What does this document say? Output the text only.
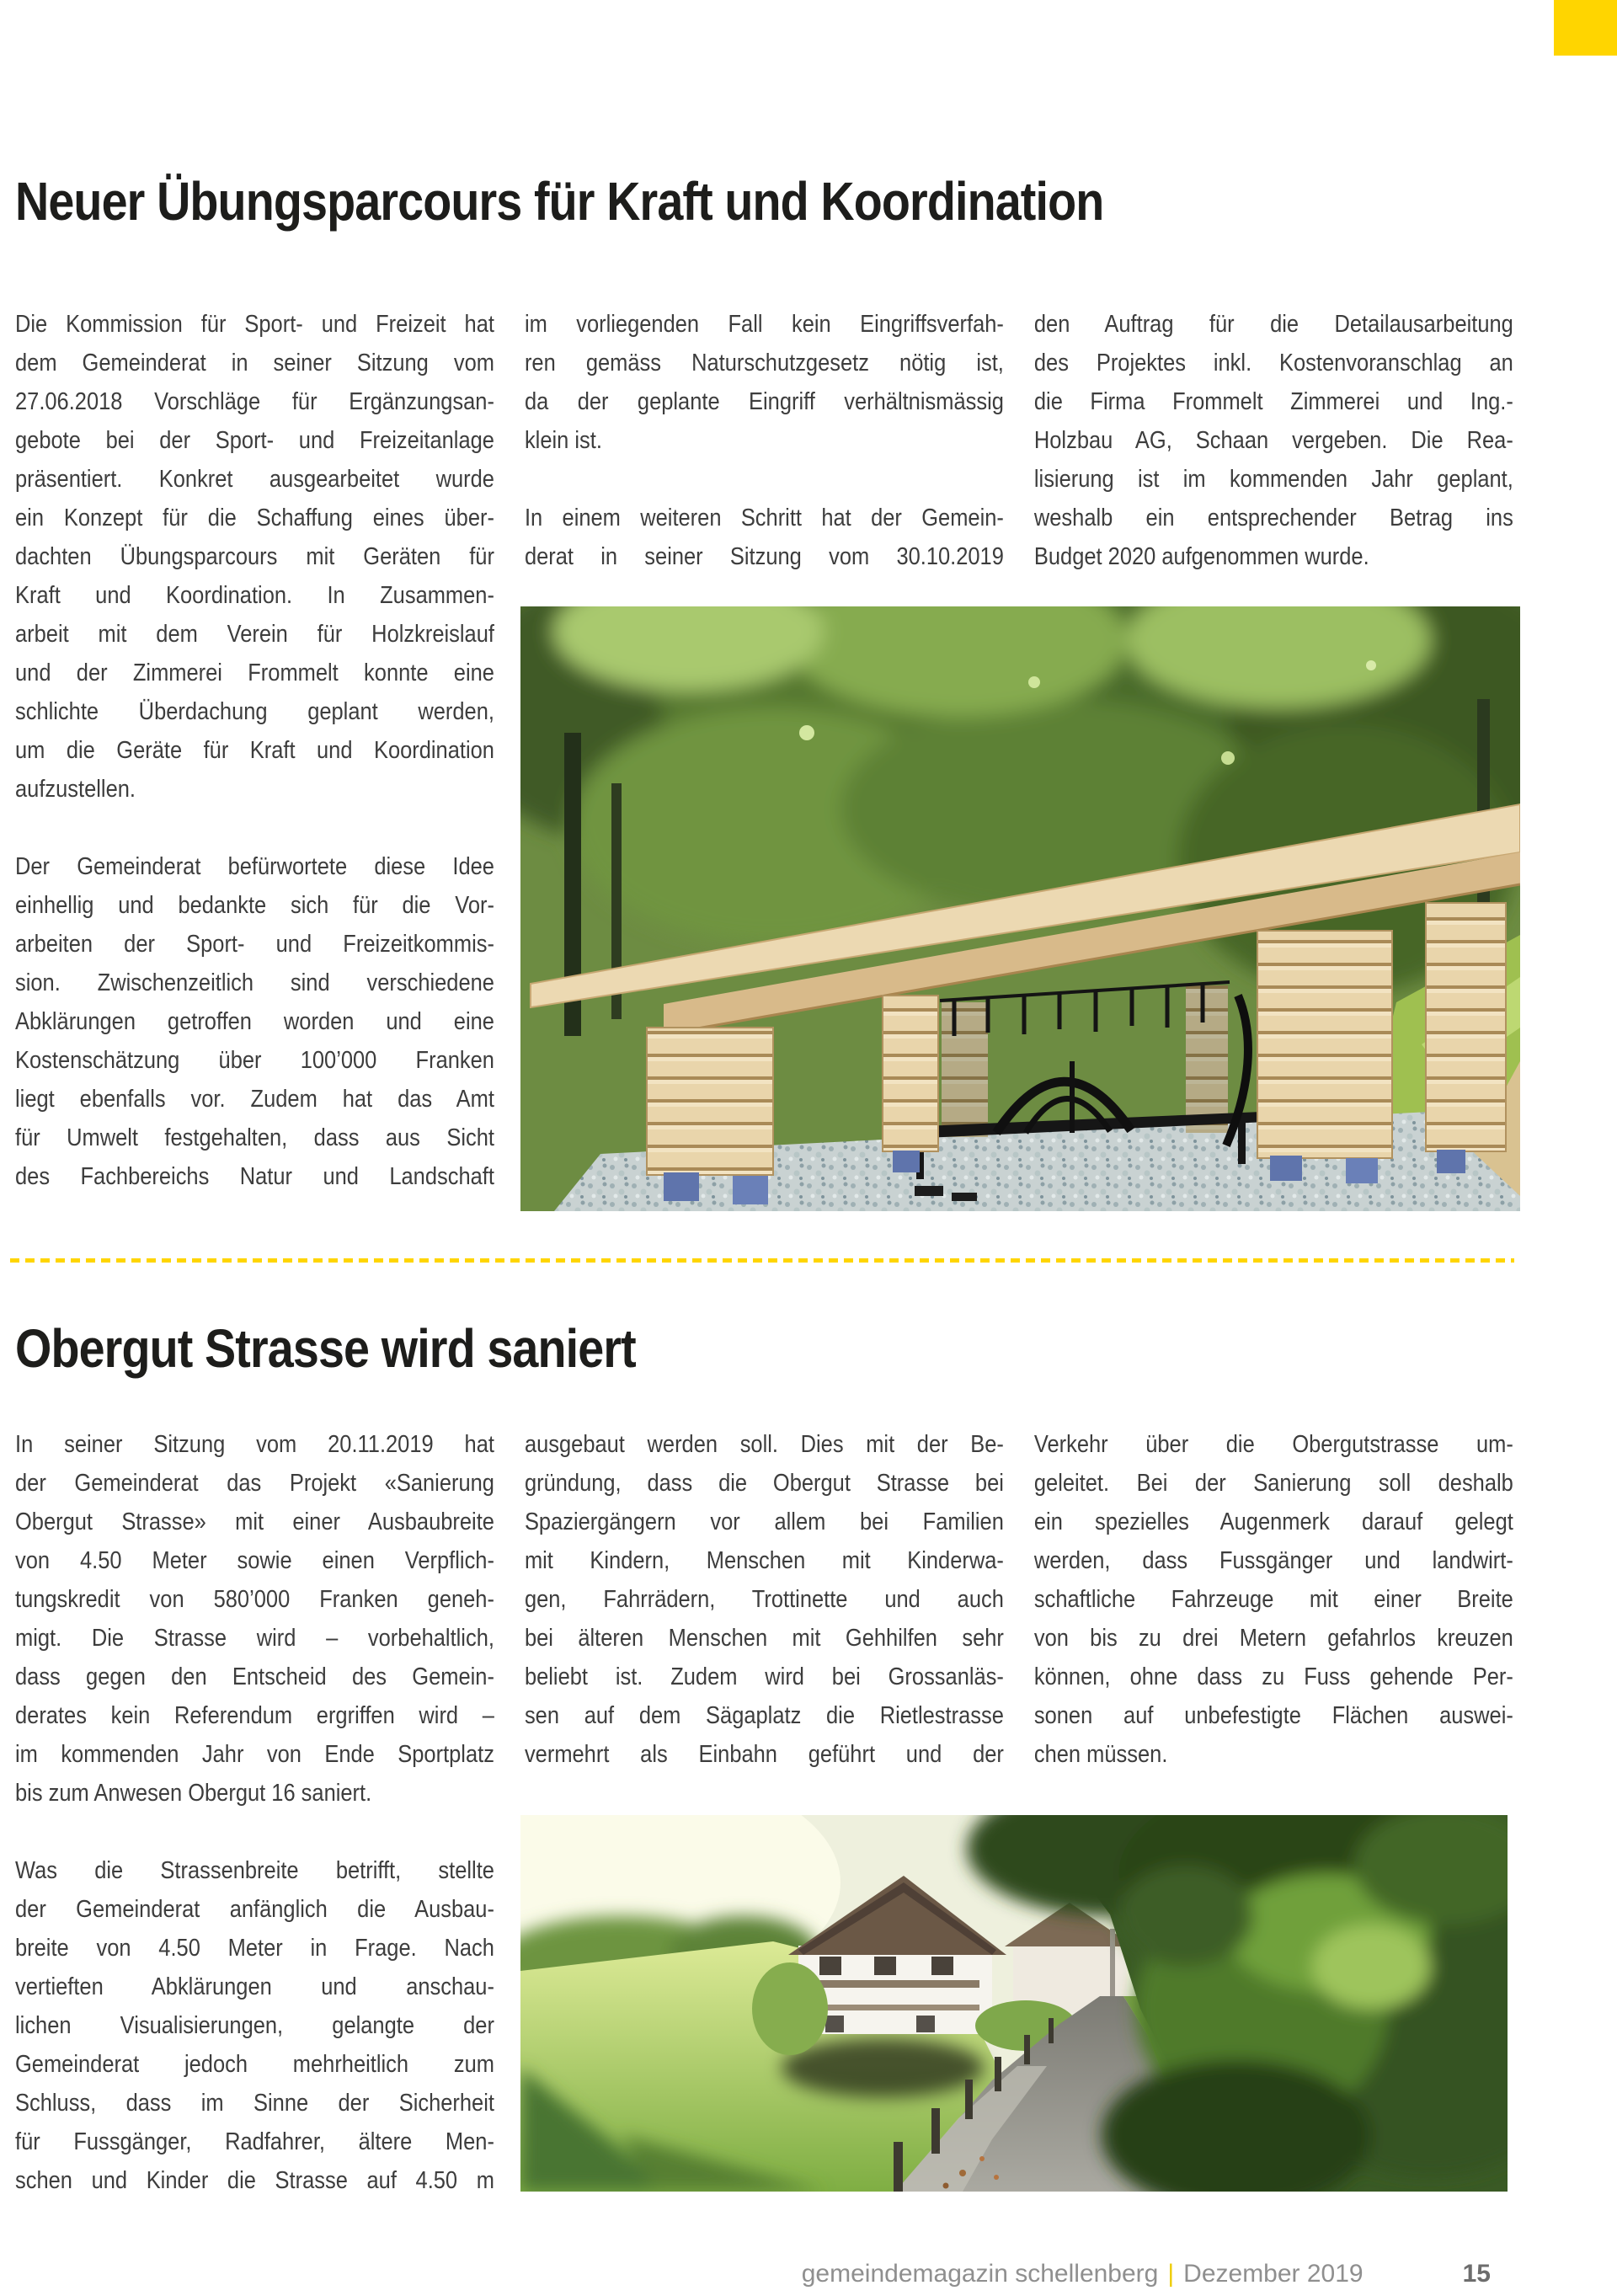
Neuer Übungsparcours für Kraft und Koordination
Die Kommission für Sport- und Freizeit hat
dem Gemeinderat in seiner Sitzung vom
27.06.2018 Vorschläge für Ergänzungsan-
gebote bei der Sport- und Freizeitanlage
präsentiert. Konkret ausgearbeitet wurde
ein Konzept für die Schaffung eines über-
dachten Übungsparcours mit Geräten für
Kraft und Koordination. In Zusammen-
arbeit mit dem Verein für Holzkreislauf
und der Zimmerei Frommelt konnte eine
schlichte Überdachung geplant werden,
um die Geräte für Kraft und Koordination
aufzustellen.
Der Gemeinderat befürwortete diese Idee
einhellig und bedankte sich für die Vor-
arbeiten der Sport- und Freizeitkommis-
sion. Zwischenzeitlich sind verschiedene
Abklärungen getroffen worden und eine
Kostenschätzung über 100’000 Franken
liegt ebenfalls vor. Zudem hat das Amt
für Umwelt festgehalten, dass aus Sicht
des Fachbereichs Natur und Landschaft
im vorliegenden Fall kein Eingriffsverfah-
ren gemäss Naturschutzgesetz nötig ist,
da der geplante Eingriff verhältnismässig
klein ist.
In einem weiteren Schritt hat der Gemein-
derat in seiner Sitzung vom 30.10.2019
den Auftrag für die Detailausarbeitung
des Projektes inkl. Kostenvoranschlag an
die Firma Frommelt Zimmerei und Ing.-
Holzbau AG, Schaan vergeben. Die Rea-
lisierung ist im kommenden Jahr geplant,
weshalb ein entsprechender Betrag ins
Budget 2020 aufgenommen wurde.
Obergut Strasse wird saniert
In seiner Sitzung vom 20.11.2019 hat
der Gemeinderat das Projekt «Sanierung
Obergut Strasse» mit einer Ausbaubreite
von 4.50 Meter sowie einen Verpflich-
tungskredit von 580’000 Franken geneh-
migt. Die Strasse wird – vorbehaltlich,
dass gegen den Entscheid des Gemein-
derates kein Referendum ergriffen wird –
im kommenden Jahr von Ende Sportplatz
bis zum Anwesen Obergut 16 saniert.
Was die Strassenbreite betrifft, stellte
der Gemeinderat anfänglich die Ausbau-
breite von 4.50 Meter in Frage. Nach
vertieften Abklärungen und anschau-
lichen Visualisierungen, gelangte der
Gemeinderat jedoch mehrheitlich zum
Schluss, dass im Sinne der Sicherheit
für Fussgänger, Radfahrer, ältere Men-
schen und Kinder die Strasse auf 4.50 m
ausgebaut werden soll. Dies mit der Be-
gründung, dass die Obergut Strasse bei
Spaziergängern vor allem bei Familien
mit Kindern, Menschen mit Kinderwa-
gen, Fahrrädern, Trottinette und auch
bei älteren Menschen mit Gehhilfen sehr
beliebt ist. Zudem wird bei Grossanläs-
sen auf dem Sägaplatz die Rietlestrasse
vermehrt als Einbahn geführt und der
Verkehr über die Obergutstrasse um-
geleitet. Bei der Sanierung soll deshalb
ein spezielles Augenmerk darauf gelegt
werden, dass Fussgänger und landwirt-
schaftliche Fahrzeuge mit einer Breite
von bis zu drei Metern gefahrlos kreuzen
können, ohne dass zu Fuss gehende Per-
sonen auf unbefestigte Flächen auswei-
chen müssen.
gemeindemagazin schellenberg | Dezember 2019	15
